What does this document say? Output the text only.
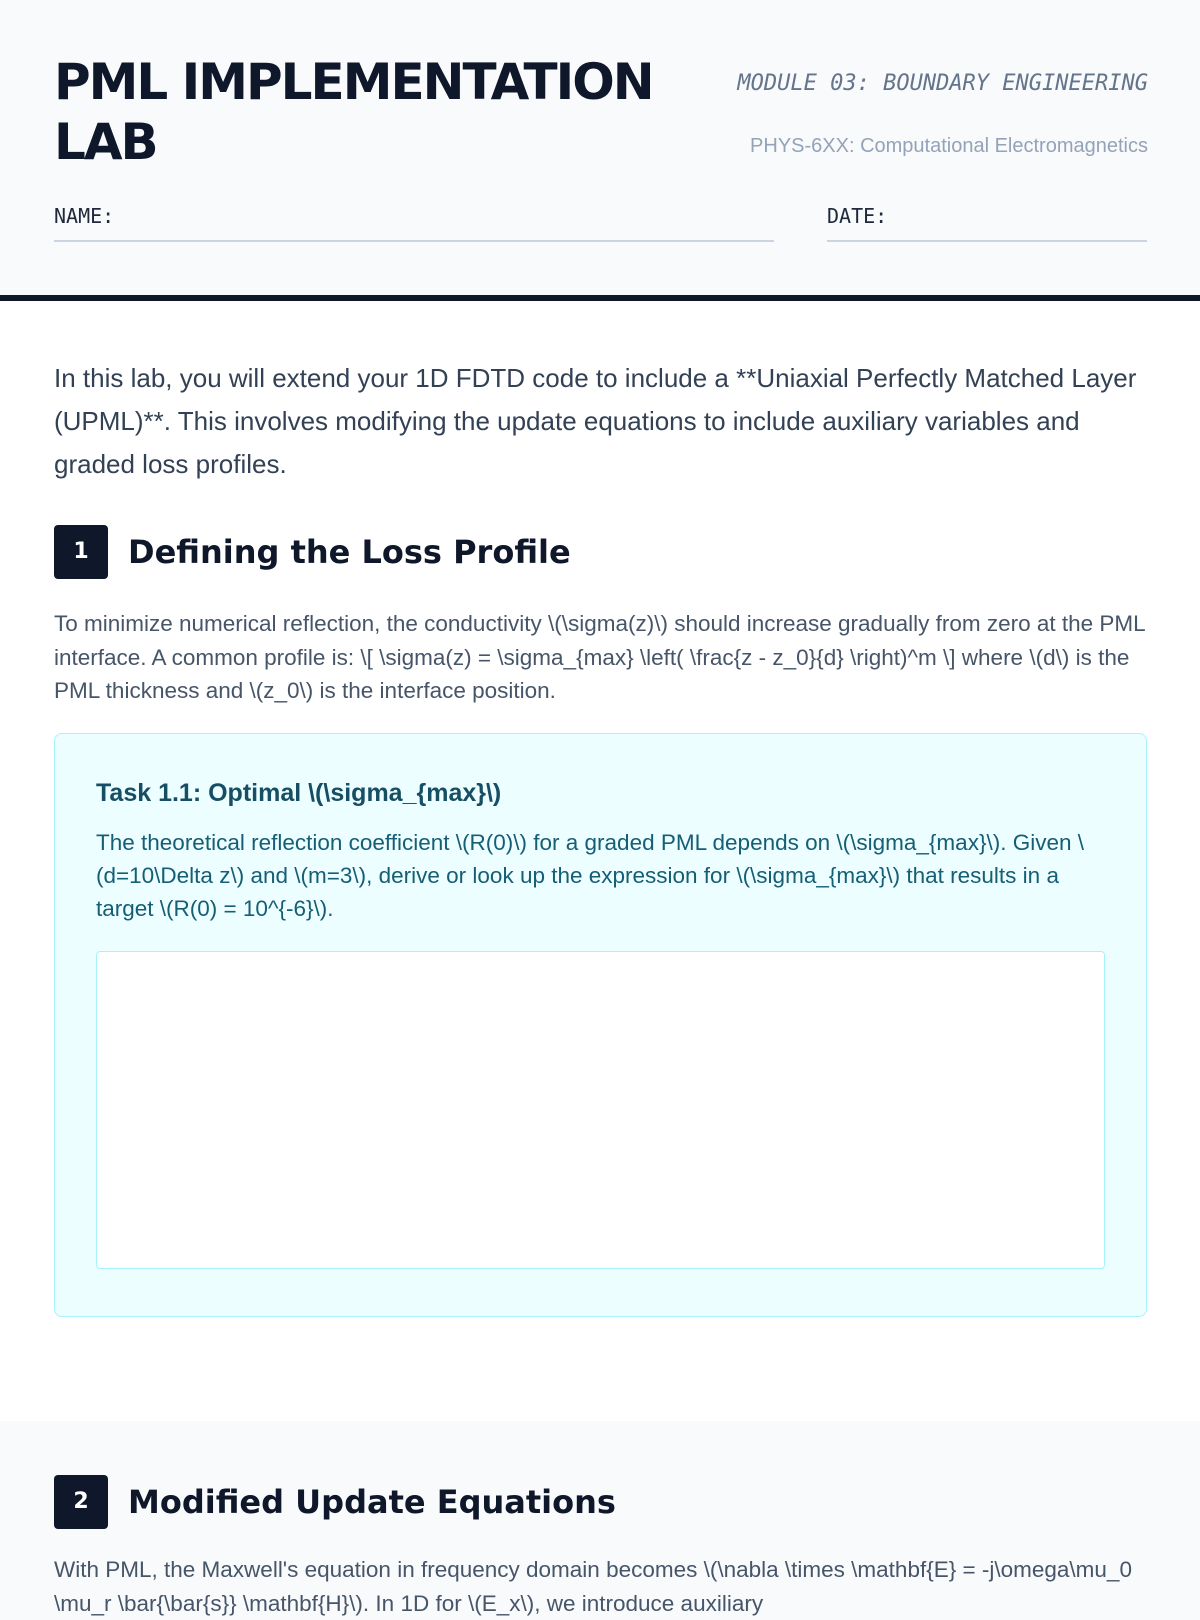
PML IMPLEMENTATION LAB
MODULE 03: BOUNDARY ENGINEERING
PHYS-6XX: Computational Electromagnetics
NAME:	DATE:

In this lab, you will extend your 1D FDTD code to include a **Uniaxial Perfectly Matched Layer (UPML)**. This involves modifying the update equations to include auxiliary variables and graded loss profiles.

1	Defining the Loss Profile

To minimize numerical reflection, the conductivity \(\sigma(z)\) should increase gradually from zero at the PML interface. A common profile is: \[ \sigma(z) = \sigma_{max} \left( \frac{z - z_0}{d} \right)^m \] where \(d\) is the PML thickness and \(z_0\) is the interface position.

Task 1.1: Optimal \(\sigma_{max}\)

The theoretical reflection coefficient \(R(0)\) for a graded PML depends on \(\sigma_{max}\). Given \(d=10\Delta z\) and \(m=3\), derive or look up the expression for \(\sigma_{max}\) that results in a target \(R(0) = 10^{-6}\).

2	Modified Update Equations

With PML, the Maxwell's equation in frequency domain becomes \(\nabla \times \mathbf{E} = -j\omega\mu_0 \mu_r \bar{\bar{s}} \mathbf{H}\). In 1D for \(E_x\), we introduce auxiliary
